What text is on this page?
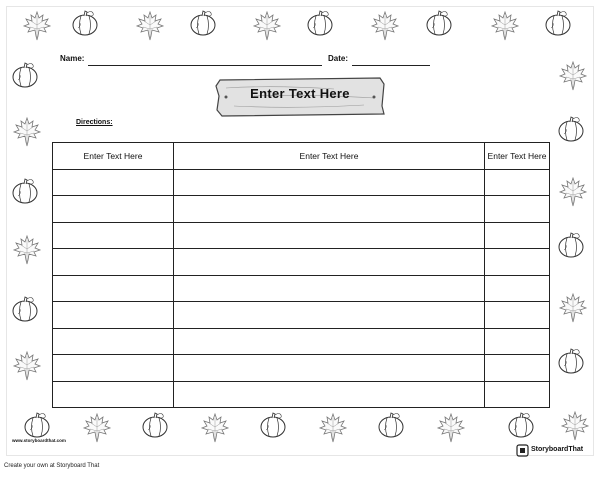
Name:	Date:
Enter Text Here
Directions:
Enter Text Here	Enter Text Here	Enter Text Here

www.storyboardthat.com
StoryboardThat
Create your own at Storyboard That
